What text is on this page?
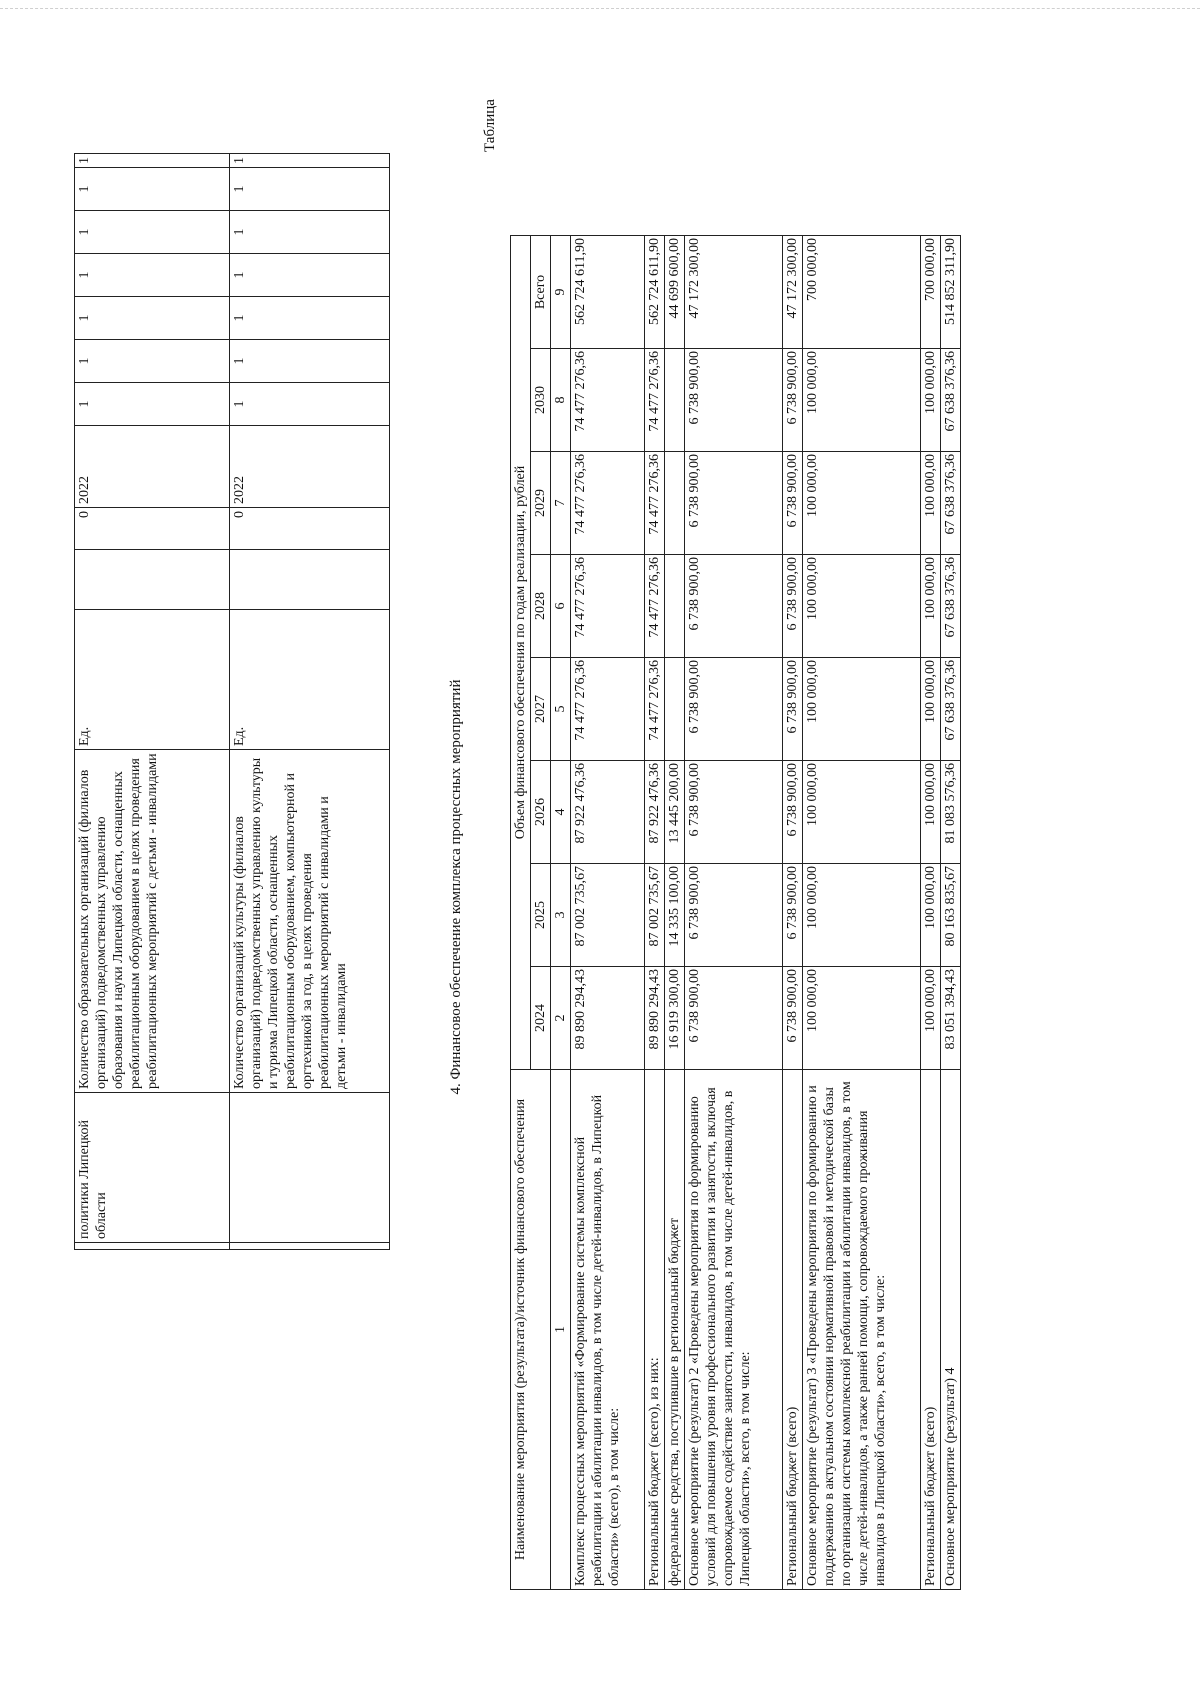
	политики Липецкой области	Количество образовательных организаций (филиалов организаций) подведомственных управлению образования и науки Липецкой области, оснащенных реабилитационным оборудованием в целях проведения реабилитационных мероприятий с детьми - инвалидами	Ед.		0	2022	1	1	1	1	1	1	1
		Количество организаций культуры (филиалов организаций) подведомственных управлению культуры и туризма Липецкой области, оснащенных реабилитационным оборудованием, компьютерной и оргтехникой за год, в целях проведения реабилитационных мероприятий с инвалидами и детьми - инвалидами	Ед.		0	2022	1	1	1	1	1	1	1
4. Финансовое обеспечение комплекса процессных мероприятий
Таблица
Наименование мероприятия (результата)/источник финансового обеспечения	Объем финансового обеспечения по годам реализации, рублей							
	2024	2025	2026	2027	2028	2029	2030	Всего
1	2	3	4	5	6	7	8	9
Комплекс процессных мероприятий «Формирование системы комплексной реабилитации и абилитации инвалидов, в том числе детей-инвалидов, в Липецкой области» (всего), в том числе:	89 890 294,43	87 002 735,67	87 922 476,36	74 477 276,36	74 477 276,36	74 477 276,36	74 477 276,36	562 724 611,90
Региональный бюджет (всего), из них:	89 890 294,43	87 002 735,67	87 922 476,36	74 477 276,36	74 477 276,36	74 477 276,36	74 477 276,36	562 724 611,90
федеральные средства, поступившие в региональный бюджет	16 919 300,00	14 335 100,00	13 445 200,00					44 699 600,00
Основное мероприятие (результат) 2 «Проведены мероприятия по формированию условий для повышения уровня профессионального развития и занятости, включая сопровождаемое содействие занятости, инвалидов, в том числе детей-инвалидов, в Липецкой области», всего, в том числе:	6 738 900,00	6 738 900,00	6 738 900,00	6 738 900,00	6 738 900,00	6 738 900,00	6 738 900,00	47 172 300,00
Региональный бюджет (всего)	6 738 900,00	6 738 900,00	6 738 900,00	6 738 900,00	6 738 900,00	6 738 900,00	6 738 900,00	47 172 300,00
Основное мероприятие (результат) 3 «Проведены мероприятия по формированию и поддержанию в актуальном состоянии нормативной правовой и методической базы по организации системы комплексной реабилитации и абилитации инвалидов, в том числе детей-инвалидов, а также ранней помощи, сопровождаемого проживания инвалидов в Липецкой области», всего, в том числе:	100 000,00	100 000,00	100 000,00	100 000,00	100 000,00	100 000,00	100 000,00	700 000,00
Региональный бюджет (всего)	100 000,00	100 000,00	100 000,00	100 000,00	100 000,00	100 000,00	100 000,00	700 000,00
Основное мероприятие (результат) 4	83 051 394,43	80 163 835,67	81 083 576,36	67 638 376,36	67 638 376,36	67 638 376,36	67 638 376,36	514 852 311,90
